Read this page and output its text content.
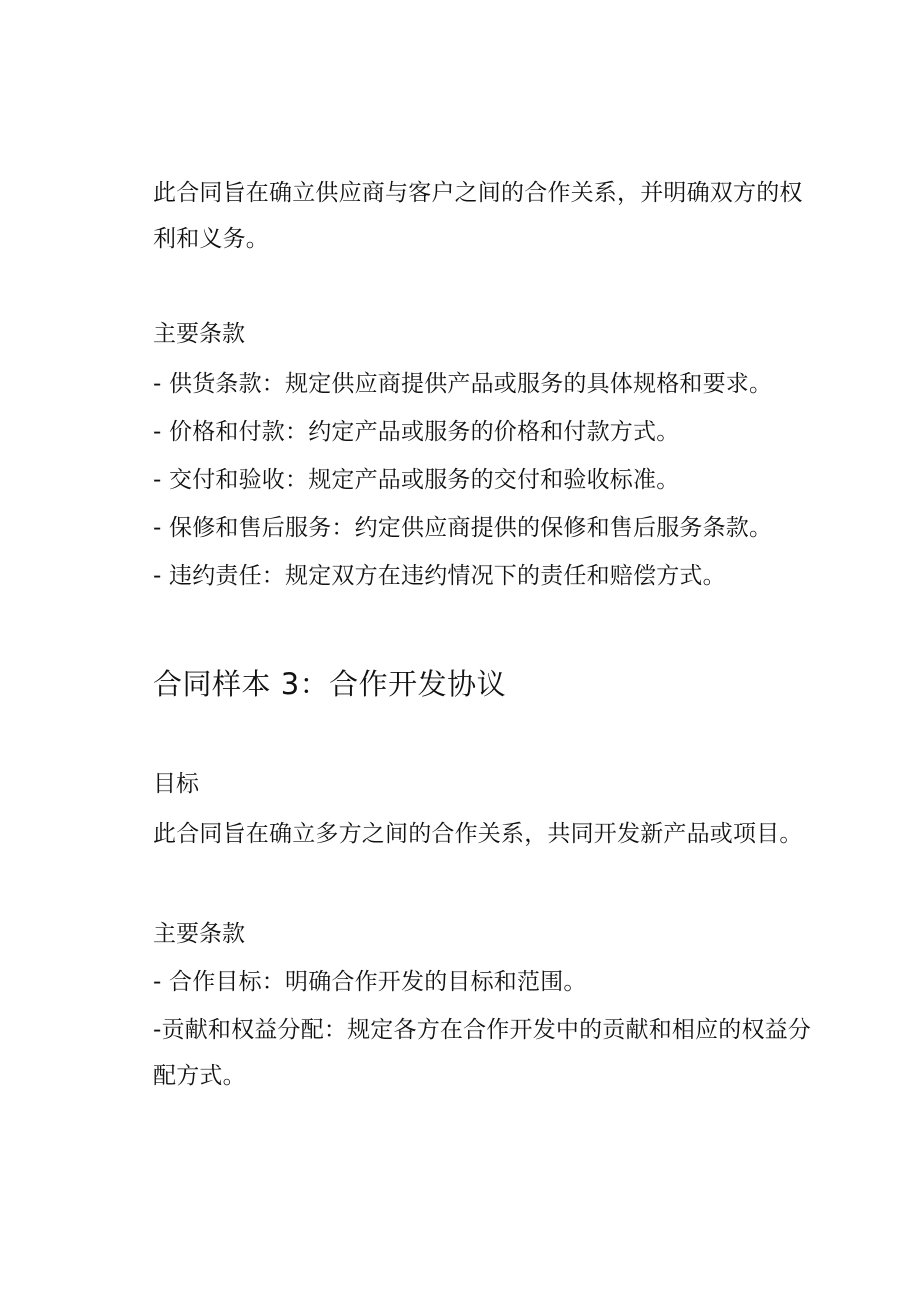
此合同旨在确立供应商与客户之间的合作关系，并明确双方的权利和义务。
主要条款
- 供货条款：规定供应商提供产品或服务的具体规格和要求。
- 价格和付款：约定产品或服务的价格和付款方式。
- 交付和验收：规定产品或服务的交付和验收标准。
- 保修和售后服务：约定供应商提供的保修和售后服务条款。
- 违约责任：规定双方在违约情况下的责任和赔偿方式。
合同样本 3：合作开发协议
目标
此合同旨在确立多方之间的合作关系，共同开发新产品或项目。
主要条款
- 合作目标：明确合作开发的目标和范围。
-贡献和权益分配：规定各方在合作开发中的贡献和相应的权益分配方式。
